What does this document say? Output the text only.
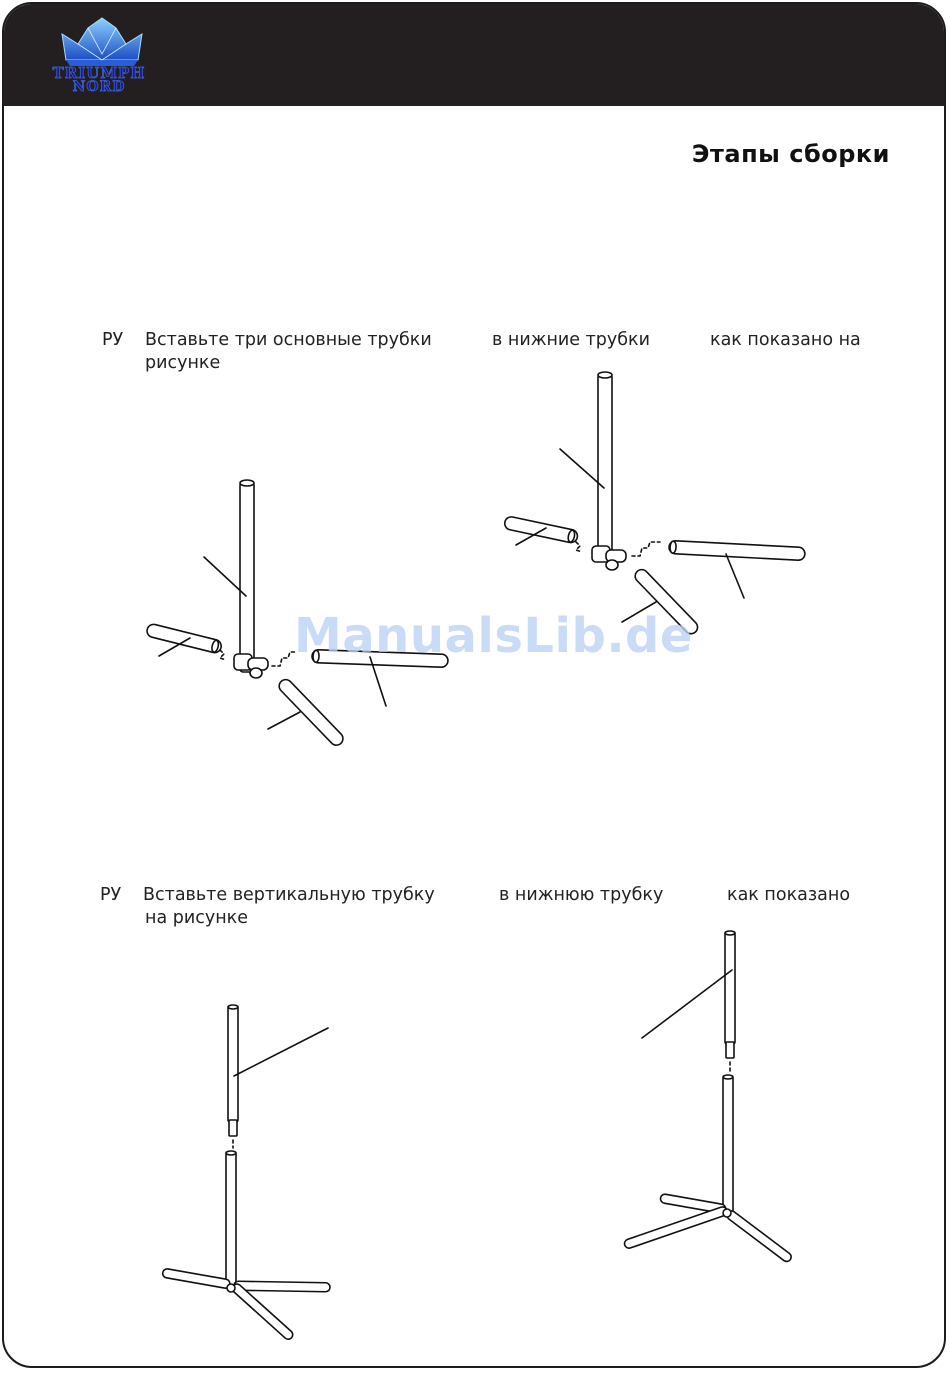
TRIUMPH
NORD
Этапы сборки
РУ Вставьте три основные трубки	в нижние трубки	как показано на
рисунке
РУ Вставьте вертикальную трубку	в нижнюю трубку	как показано
на рисунке
ManualsLib.de
